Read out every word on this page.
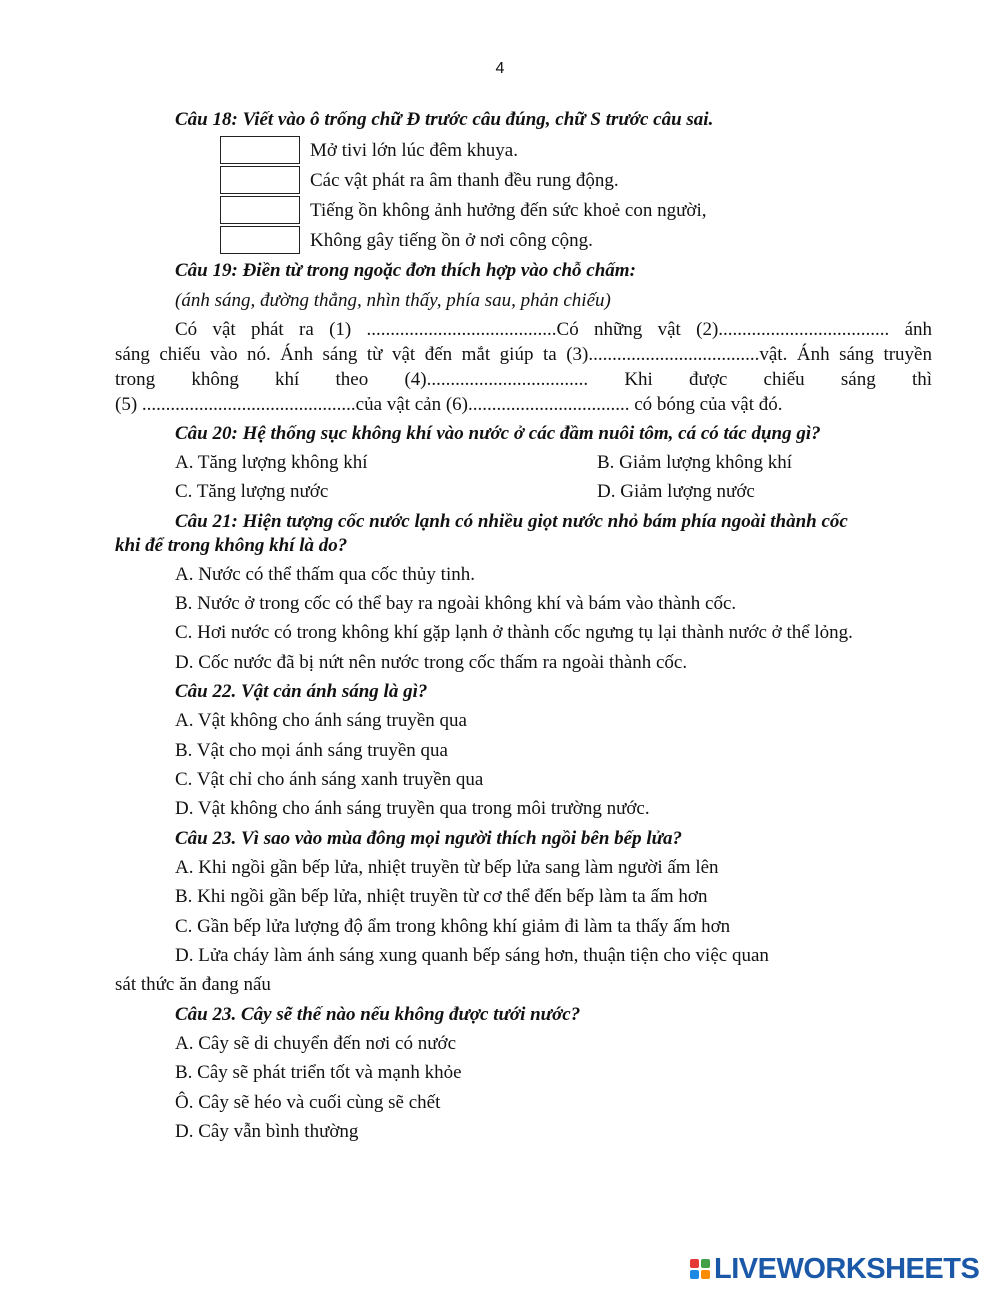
4
Câu 18: Viết vào ô trống chữ Đ trước câu đúng, chữ S trước câu sai.
Mở tivi lớn lúc đêm khuya.
Các vật phát ra âm thanh đều rung động.
Tiếng ồn không ảnh hưởng đến sức khoẻ con người,
Không gây tiếng ồn ở nơi công cộng.
Câu 19: Điền từ trong ngoặc đơn thích hợp vào chỗ chấm:
(ánh sáng, đường thẳng, nhìn thấy, phía sau, phản chiếu)
Có vật phát ra (1) ........................................Có những vật (2).................................... ánh
sáng chiếu vào nó. Ánh sáng từ vật đến mắt giúp ta (3)....................................vật. Ánh sáng truyền
trong không khí theo (4).................................. Khi được chiếu sáng thì
(5) .............................................của vật cản (6).................................. có bóng của vật đó.
Câu 20: Hệ thống sục không khí vào nước ở các đầm nuôi tôm, cá có tác dụng gì?
A. Tăng lượng không khí	B. Giảm lượng không khí
C. Tăng lượng nước	D. Giảm lượng nước
Câu 21: Hiện tượng cốc nước lạnh có nhiều giọt nước nhỏ bám phía ngoài thành cốc
khi để trong không khí là do?
A. Nước có thể thấm qua cốc thủy tinh.
B. Nước ở trong cốc có thể bay ra ngoài không khí và bám vào thành cốc.
C. Hơi nước có trong không khí gặp lạnh ở thành cốc ngưng tụ lại thành nước ở thể lỏng.
D. Cốc nước đã bị nứt nên nước trong cốc thấm ra ngoài thành cốc.
Câu 22. Vật cản ánh sáng là gì?
A. Vật không cho ánh sáng truyền qua
B. Vật cho mọi ánh sáng truyền qua
C. Vật chỉ cho ánh sáng xanh truyền qua
D. Vật không cho ánh sáng truyền qua trong môi trường nước.
Câu 23. Vì sao vào mùa đông mọi người thích ngồi bên bếp lửa?
A. Khi ngồi gần bếp lửa, nhiệt truyền từ bếp lửa sang làm người ấm lên
B. Khi ngồi gần bếp lửa, nhiệt truyền từ cơ thể đến bếp làm ta ấm hơn
C. Gần bếp lửa lượng độ ẩm trong không khí giảm đi làm ta thấy ấm hơn
D. Lửa cháy làm ánh sáng xung quanh bếp sáng hơn, thuận tiện cho việc quan
sát thức ăn đang nấu
Câu 23. Cây sẽ thế nào nếu không được tưới nước?
A. Cây sẽ di chuyển đến nơi có nước
B. Cây sẽ phát triển tốt và mạnh khỏe
Ô. Cây sẽ héo và cuối cùng sẽ chết
D. Cây vẫn bình thường
LIVEWORKSHEETS
